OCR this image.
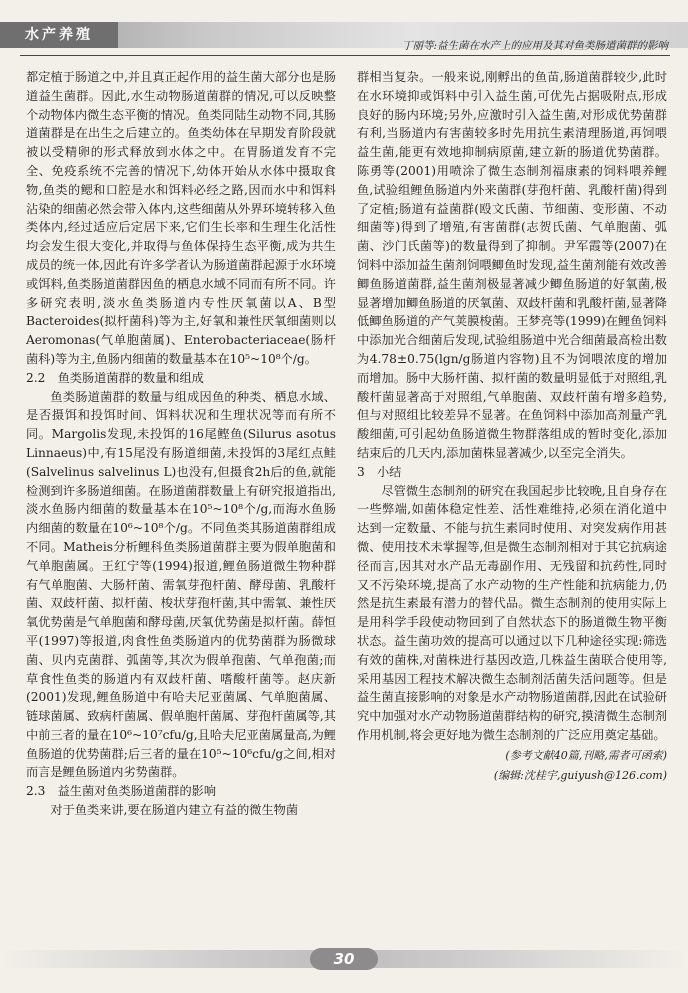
水产养殖
丁丽等:益生菌在水产上的应用及其对鱼类肠道菌群的影响

都定植于肠道之中,并且真正起作用的益生菌大部分也是肠道益生菌群。因此,水生动物肠道菌群的情况,可以反映整个动物体内微生态平衡的情况。鱼类同陆生动物不同,其肠道菌群是在出生之后建立的。鱼类幼体在早期发育阶段就被以受精卵的形式释放到水体之中。在胃肠道发育不完全、免疫系统不完善的情况下,幼体开始从水体中摄取食物,鱼类的鳃和口腔是水和饵料必经之路,因而水中和饵料沾染的细菌必然会带入体内,这些细菌从外界环境转移入鱼类体内,经过适应后定居下来,它们生长率和生理生化活性均会发生很大变化,并取得与鱼体保持生态平衡,成为共生成员的统一体,因此有许多学者认为肠道菌群起源于水环境或饵料,鱼类肠道菌群因鱼的栖息水域不同而有所不同。许多研究表明,淡水鱼类肠道内专性厌氧菌以A、B型Bacteroides(拟杆菌科)等为主,好氧和兼性厌氧细菌则以Aeromonas(气单胞菌属)、Enterobacteriaceae(肠杆菌科)等为主,鱼肠内细菌的数量基本在10⁵~10⁸个/g。

2.2　鱼类肠道菌群的数量和组成

鱼类肠道菌群的数量与组成因鱼的种类、栖息水域、是否摄饵和投饵时间、饵料状况和生理状况等而有所不同。Margolis发现,未投饵的16尾鲣鱼(Silurus asotus Linnaeus)中,有15尾没有肠道细菌,未投饵的3尾红点鲑(Salvelinus salvelinus L)也没有,但摄食2h后的鱼,就能检测到许多肠道细菌。在肠道菌群数量上有研究报道指出,淡水鱼肠内细菌的数量基本在10⁵~10⁸个/g,而海水鱼肠内细菌的数量在10⁶~10⁸个/g。不同鱼类其肠道菌群组成不同。Matheis分析鲤科鱼类肠道菌群主要为假单胞菌和气单胞菌属。王红宁等(1994)报道,鲤鱼肠道微生物种群有气单胞菌、大肠杆菌、需氧芽孢杆菌、酵母菌、乳酸杆菌、双歧杆菌、拟杆菌、梭状芽孢杆菌,其中需氧、兼性厌氧优势菌是气单胞菌和酵母菌,厌氧优势菌是拟杆菌。薛恒平(1997)等报道,肉食性鱼类肠道内的优势菌群为肠微球菌、贝内克菌群、弧菌等,其次为假单孢菌、气单孢菌;而草食性鱼类的肠道内有双歧杆菌、嗜酸杆菌等。赵庆新(2001)发现,鲤鱼肠道中有哈夫尼亚菌属、气单胞菌属、链球菌属、致病杆菌属、假单胞杆菌属、芽孢杆菌属等,其中前三者的量在10⁶~10⁷cfu/g,且哈夫尼亚菌属量高,为鲤鱼肠道的优势菌群;后三者的量在10⁵~10⁶cfu/g之间,相对而言是鲤鱼肠道内劣势菌群。

2.3　益生菌对鱼类肠道菌群的影响

对于鱼类来讲,要在肠道内建立有益的微生物菌

群相当复杂。一般来说,刚孵出的鱼苗,肠道菌群较少,此时在水环境抑或饵料中引入益生菌,可优先占据吸附点,形成良好的肠内环境;另外,应激时引入益生菌,对形成优势菌群有利,当肠道内有害菌较多时先用抗生素清理肠道,再饲喂益生菌,能更有效地抑制病原菌,建立新的肠道优势菌群。陈勇等(2001)用喷涂了微生态制剂福康素的饲料喂养鲤鱼,试验组鲤鱼肠道内外来菌群(芽孢杆菌、乳酸杆菌)得到了定植;肠道有益菌群(殴文氏菌、节细菌、变形菌、不动细菌等)得到了增殖,有害菌群(志贺氏菌、气单胞菌、弧菌、沙门氏菌等)的数量得到了抑制。尹军霞等(2007)在饲料中添加益生菌剂饲喂鲫鱼时发现,益生菌剂能有效改善鲫鱼肠道菌群,益生菌剂极显著减少鲫鱼肠道的好氧菌,极显著增加鲫鱼肠道的厌氧菌、双歧杆菌和乳酸杆菌,显著降低鲫鱼肠道的产气荚膜梭菌。王梦亮等(1999)在鲤鱼饲料中添加光合细菌后发现,试验组肠道中光合细菌最高检出数为4.78±0.75(lgn/g肠道内容物)且不为饲喂浓度的增加而增加。肠中大肠杆菌、拟杆菌的数量明显低于对照组,乳酸杆菌显著高于对照组,气单胞菌、双歧杆菌有增多趋势,但与对照组比较差异不显著。在鱼饲料中添加高剂量产乳酸细菌,可引起幼鱼肠道微生物群落组成的暂时变化,添加结束后的几天内,添加菌株显著减少,以至完全消失。

3　小结

尽管微生态制剂的研究在我国起步比较晚,且自身存在一些弊端,如菌体稳定性差、活性难维持,必须在消化道中达到一定数量、不能与抗生素同时使用、对突发病作用甚微、使用技术未掌握等,但是微生态制剂相对于其它抗病途径而言,因其对水产品无毒副作用、无残留和抗药性,同时又不污染环境,提高了水产动物的生产性能和抗病能力,仍然是抗生素最有潜力的替代品。微生态制剂的使用实际上是用科学手段使动物回到了自然状态下的肠道微生物平衡状态。益生菌功效的提高可以通过以下几种途径实现:筛选有效的菌株,对菌株进行基因改造,几株益生菌联合使用等,采用基因工程技术解决微生态制剂活菌失活问题等。但是益生菌直接影响的对象是水产动物肠道菌群,因此在试验研究中加强对水产动物肠道菌群结构的研究,摸清微生态制剂作用机制,将会更好地为微生态制剂的广泛应用奠定基础。

(参考文献40篇,刊略,需者可函索)
(编辑:沈桂宇,guiyush@126.com)
30
